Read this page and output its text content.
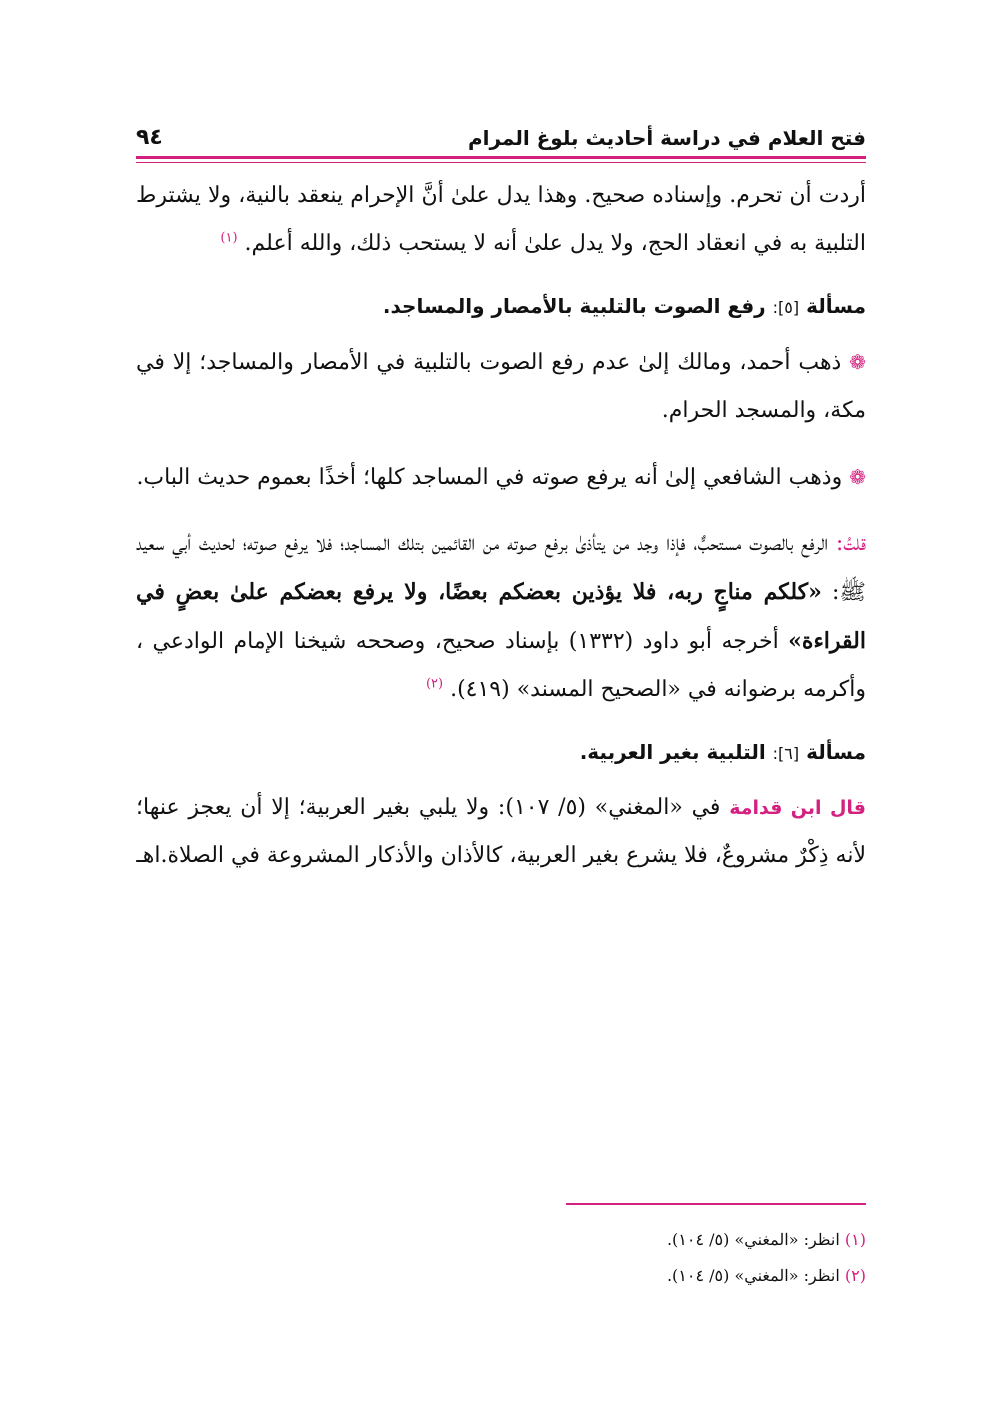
فتح العلام في دراسة أحاديث بلوغ المرام
٩٤

أردت أن تحرم. وإسناده صحيح. وهذا يدل علىٰ أنَّ الإحرام ينعقد بالنية، ولا يشترط التلبية به في انعقاد الحج، ولا يدل علىٰ أنه لا يستحب ذلك، والله أعلم. $^{(١)}$

مسألة [٥]: رفع الصوت بالتلبية بالأمصار والمساجد.

❁ ذهب أحمد، ومالك إلىٰ عدم رفع الصوت بالتلبية في الأمصار والمساجد؛ إلا في مكة، والمسجد الحرام.

❁ وذهب الشافعي إلىٰ أنه يرفع صوته في المساجد كلها؛ أخذًا بعموم حديث الباب.

قلتُ: الرفع بالصوت مستحبٌّ، فإذا وجد من يتأذىٰ برفع صوته من القائمين بتلك المساجد؛ فلا يرفع صوته؛ لحديث أبي سعيد ﷺ: «كلكم مناجٍ ربه، فلا يؤذين بعضكم بعضًا، ولا يرفع بعضكم علىٰ بعضٍ في القراءة» أخرجه أبو داود (١٣٣٢) بإسناد صحيح، وصححه شيخنا الإمام الوادعي ، وأكرمه برضوانه في «الصحيح المسند» (٤١٩). $^{(٢)}$

مسألة [٦]: التلبية بغير العربية.

قال ابن قدامة في «المغني» (٥/ ١٠٧): ولا يلبي بغير العربية؛ إلا أن يعجز عنها؛ لأنه ذِكْرٌ مشروعٌ، فلا يشرع بغير العربية، كالأذان والأذكار المشروعة في الصلاة.اهـ

(١) انظر: «المغني» (٥/ ١٠٤).
(٢) انظر: «المغني» (٥/ ١٠٤).
